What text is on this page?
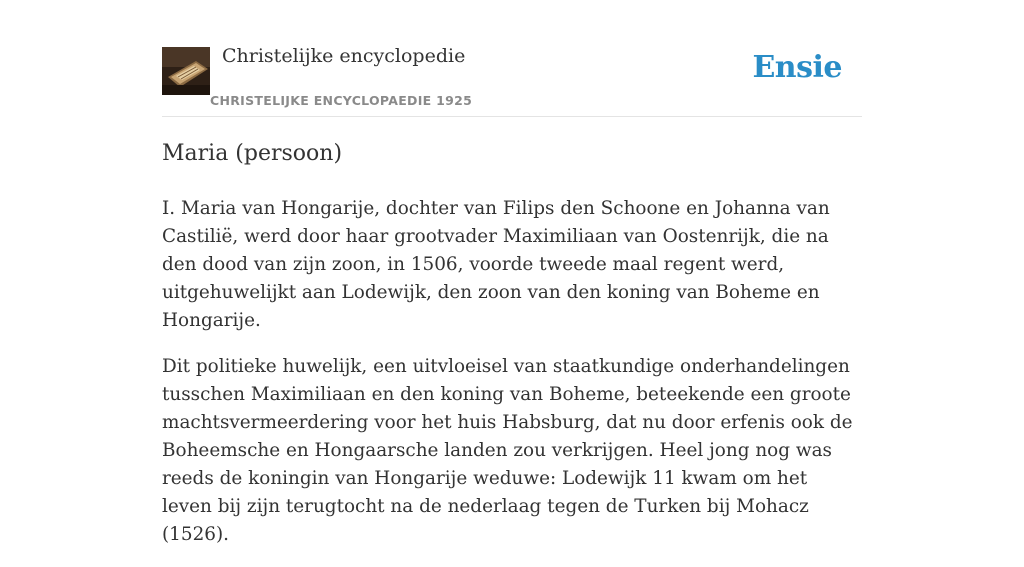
Christelijke encyclopedie
CHRISTELIJKE ENCYCLOPAEDIE 1925
Ensie
Maria (persoon)

I. Maria van Hongarije, dochter van Filips den Schoone en Johanna van Castilië, werd door haar grootvader Maximiliaan van Oostenrijk, die na den dood van zijn zoon, in 1506, voorde tweede maal regent werd, uitgehuwelijkt aan Lodewijk, den zoon van den koning van Boheme en Hongarije.

Dit politieke huwelijk, een uitvloeisel van staatkundige onderhandelingen tusschen Maximiliaan en den koning van Boheme, beteekende een groote machtsvermeerdering voor het huis Habsburg, dat nu door erfenis ook de Boheemsche en Hongaarsche landen zou verkrijgen. Heel jong nog was reeds de koningin van Hongarije weduwe: Lodewijk 11 kwam om het leven bij zijn terugtocht na de nederlaag tegen de Turken bij Mohacz (1526).
